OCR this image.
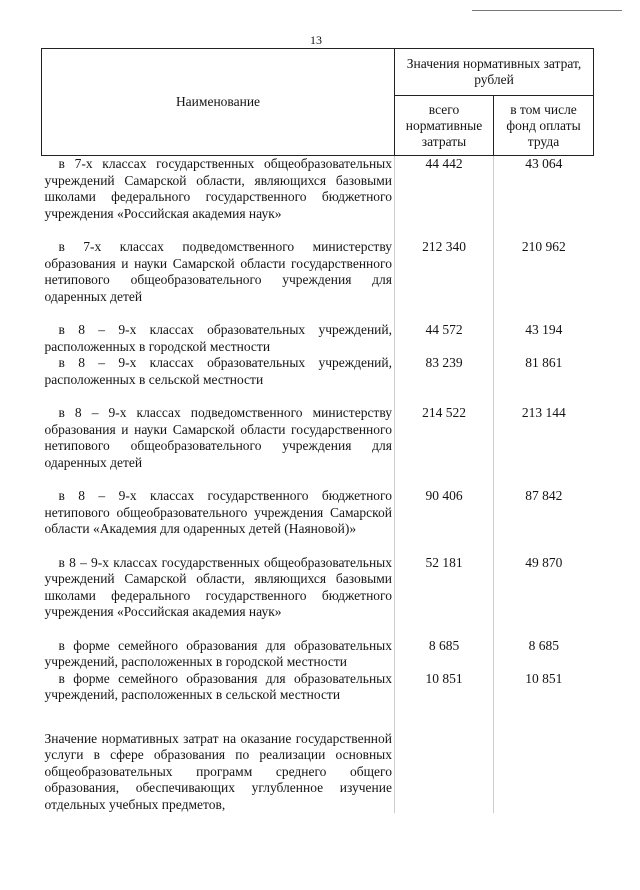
13
Наименование	Значения нормативных затрат, рублей	
	всего нормативные затраты	в том числе фонд оплаты труда
в 7-х классах государственных общеобразовательных учреждений Самарской области, являющихся базовыми школами федерального государственного бюджетного учреждения «Российская академия наук»	44 442	43 064
в 7-х классах подведомственного министерству образования и науки Самарской области государственного нетипового общеобразовательного учреждения для одаренных детей	212 340	210 962
в 8 – 9-х классах образовательных учреждений, расположенных в городской местности	44 572	43 194
в 8 – 9-х классах образовательных учреждений, расположенных в сельской местности	83 239	81 861
в 8 – 9-х классах подведомственного министерству образования и науки Самарской области государственного нетипового общеобразовательного учреждения для одаренных детей	214 522	213 144
в 8 – 9-х классах государственного бюджетного нетипового общеобразовательного учреждения Самарской области «Академия для одаренных детей (Наяновой)»	90 406	87 842
в 8 – 9-х классах государственных общеобразовательных учреждений Самарской области, являющихся базовыми школами федерального государственного бюджетного учреждения «Российская академия наук»	52 181	49 870
в форме семейного образования для образовательных учреждений, расположенных в городской местности	8 685	8 685
в форме семейного образования для образовательных учреждений, расположенных в сельской местности	10 851	10 851
Значение нормативных затрат на оказание государственной услуги в сфере образования по реализации основных общеобразовательных программ среднего общего образования, обеспечивающих углубленное изучение отдельных учебных предметов,		
